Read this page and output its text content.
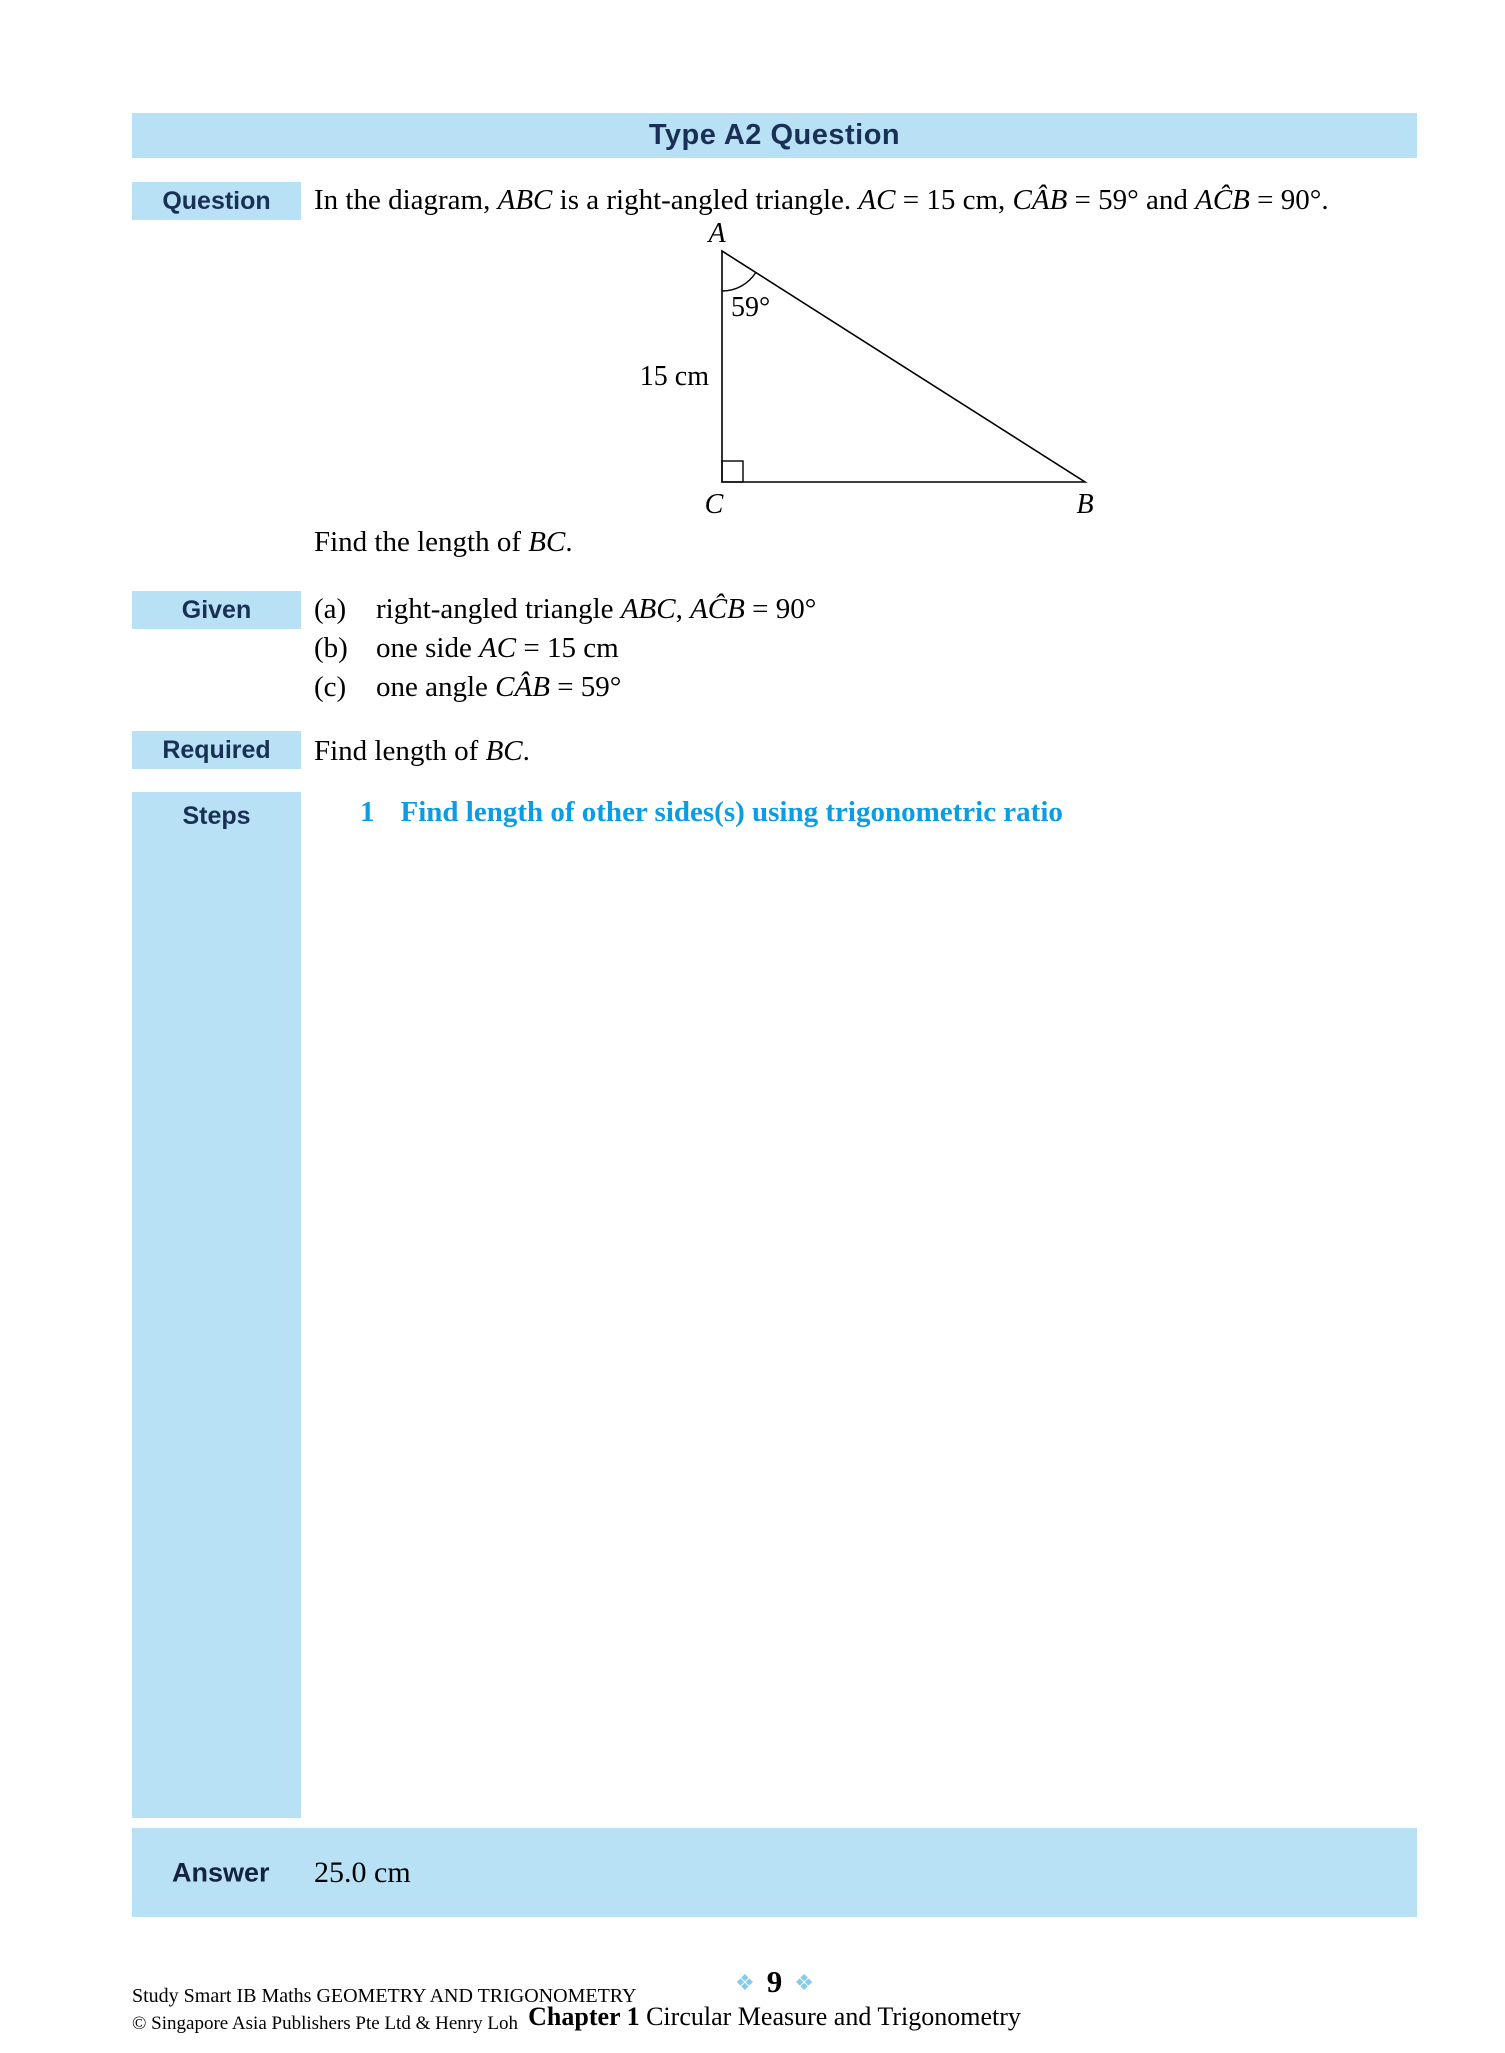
Type A2 Question
Question In the diagram, ABC is a right-angled triangle. AC = 15 cm, CÂB = 59° and AĈB = 90°.
A
B
C
59°
15 cm
Find the length of BC.
Given (a) right-angled triangle ABC, AĈB = 90°
(b) one side AC = 15 cm
(c) one angle CÂB = 59°
Required Find length of BC.
Steps	1 Find length of other sides(s) using trigonometric ratio
Answer 25.0 cm
Study Smart IB Maths GEOMETRY AND TRIGONOMETRY
© Singapore Asia Publishers Pte Ltd & Henry Loh
❖ 9 ❖
Chapter 1 Circular Measure and Trigonometry
